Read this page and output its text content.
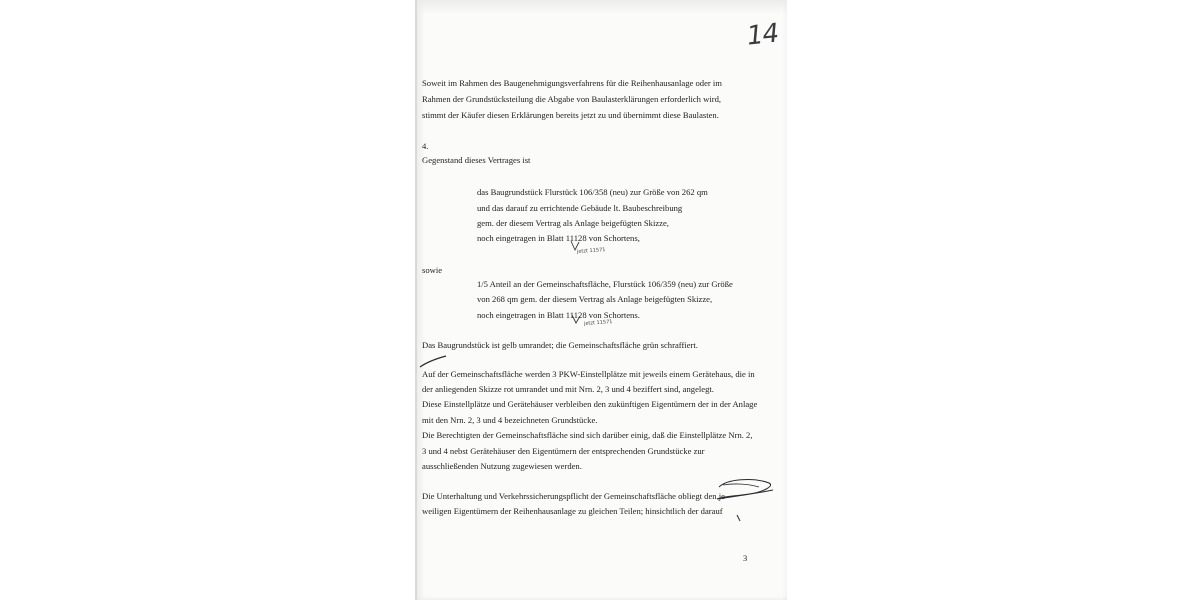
14
Soweit im Rahmen des Baugenehmigungsverfahrens für die Reihenhausanlage oder im
Rahmen der Grundstücksteilung die Abgabe von Baulasterklärungen erforderlich wird,
stimmt der Käufer diesen Erklärungen bereits jetzt zu und übernimmt diese Baulasten.
4.
Gegenstand dieses Vertrages ist
das Baugrundstück Flurstück 106/358 (neu) zur Größe von 262 qm
und das darauf zu errichtende Gebäude lt. Baubeschreibung
gem. der diesem Vertrag als Anlage beigefügten Skizze,
noch eingetragen in Blatt 11128 von Schortens,
jetzt 11571
sowie
1/5 Anteil an der Gemeinschaftsfläche, Flurstück 106/359 (neu) zur Größe
von 268 qm gem. der diesem Vertrag als Anlage beigefügten Skizze,
noch eingetragen in Blatt 11128 von Schortens.
jetzt 11571
Das Baugrundstück ist gelb umrandet; die Gemeinschaftsfläche grün schraffiert.
Auf der Gemeinschaftsfläche werden 3 PKW-Einstellplätze mit jeweils einem Gerätehaus, die in
der anliegenden Skizze rot umrandet und mit Nrn. 2, 3 und 4 beziffert sind, angelegt.
Diese Einstellplätze und Gerätehäuser verbleiben den zukünftigen Eigentümern der in der Anlage
mit den Nrn. 2, 3 und 4 bezeichneten Grundstücke.
Die Berechtigten der Gemeinschaftsfläche sind sich darüber einig, daß die Einstellplätze Nrn. 2,
3 und 4 nebst Gerätehäuser den Eigentümern der entsprechenden Grundstücke zur
ausschließenden Nutzung zugewiesen werden.
Die Unterhaltung und Verkehrssicherungspflicht der Gemeinschaftsfläche obliegt den je-
weiligen Eigentümern der Reihenhausanlage zu gleichen Teilen; hinsichtlich der darauf
3
